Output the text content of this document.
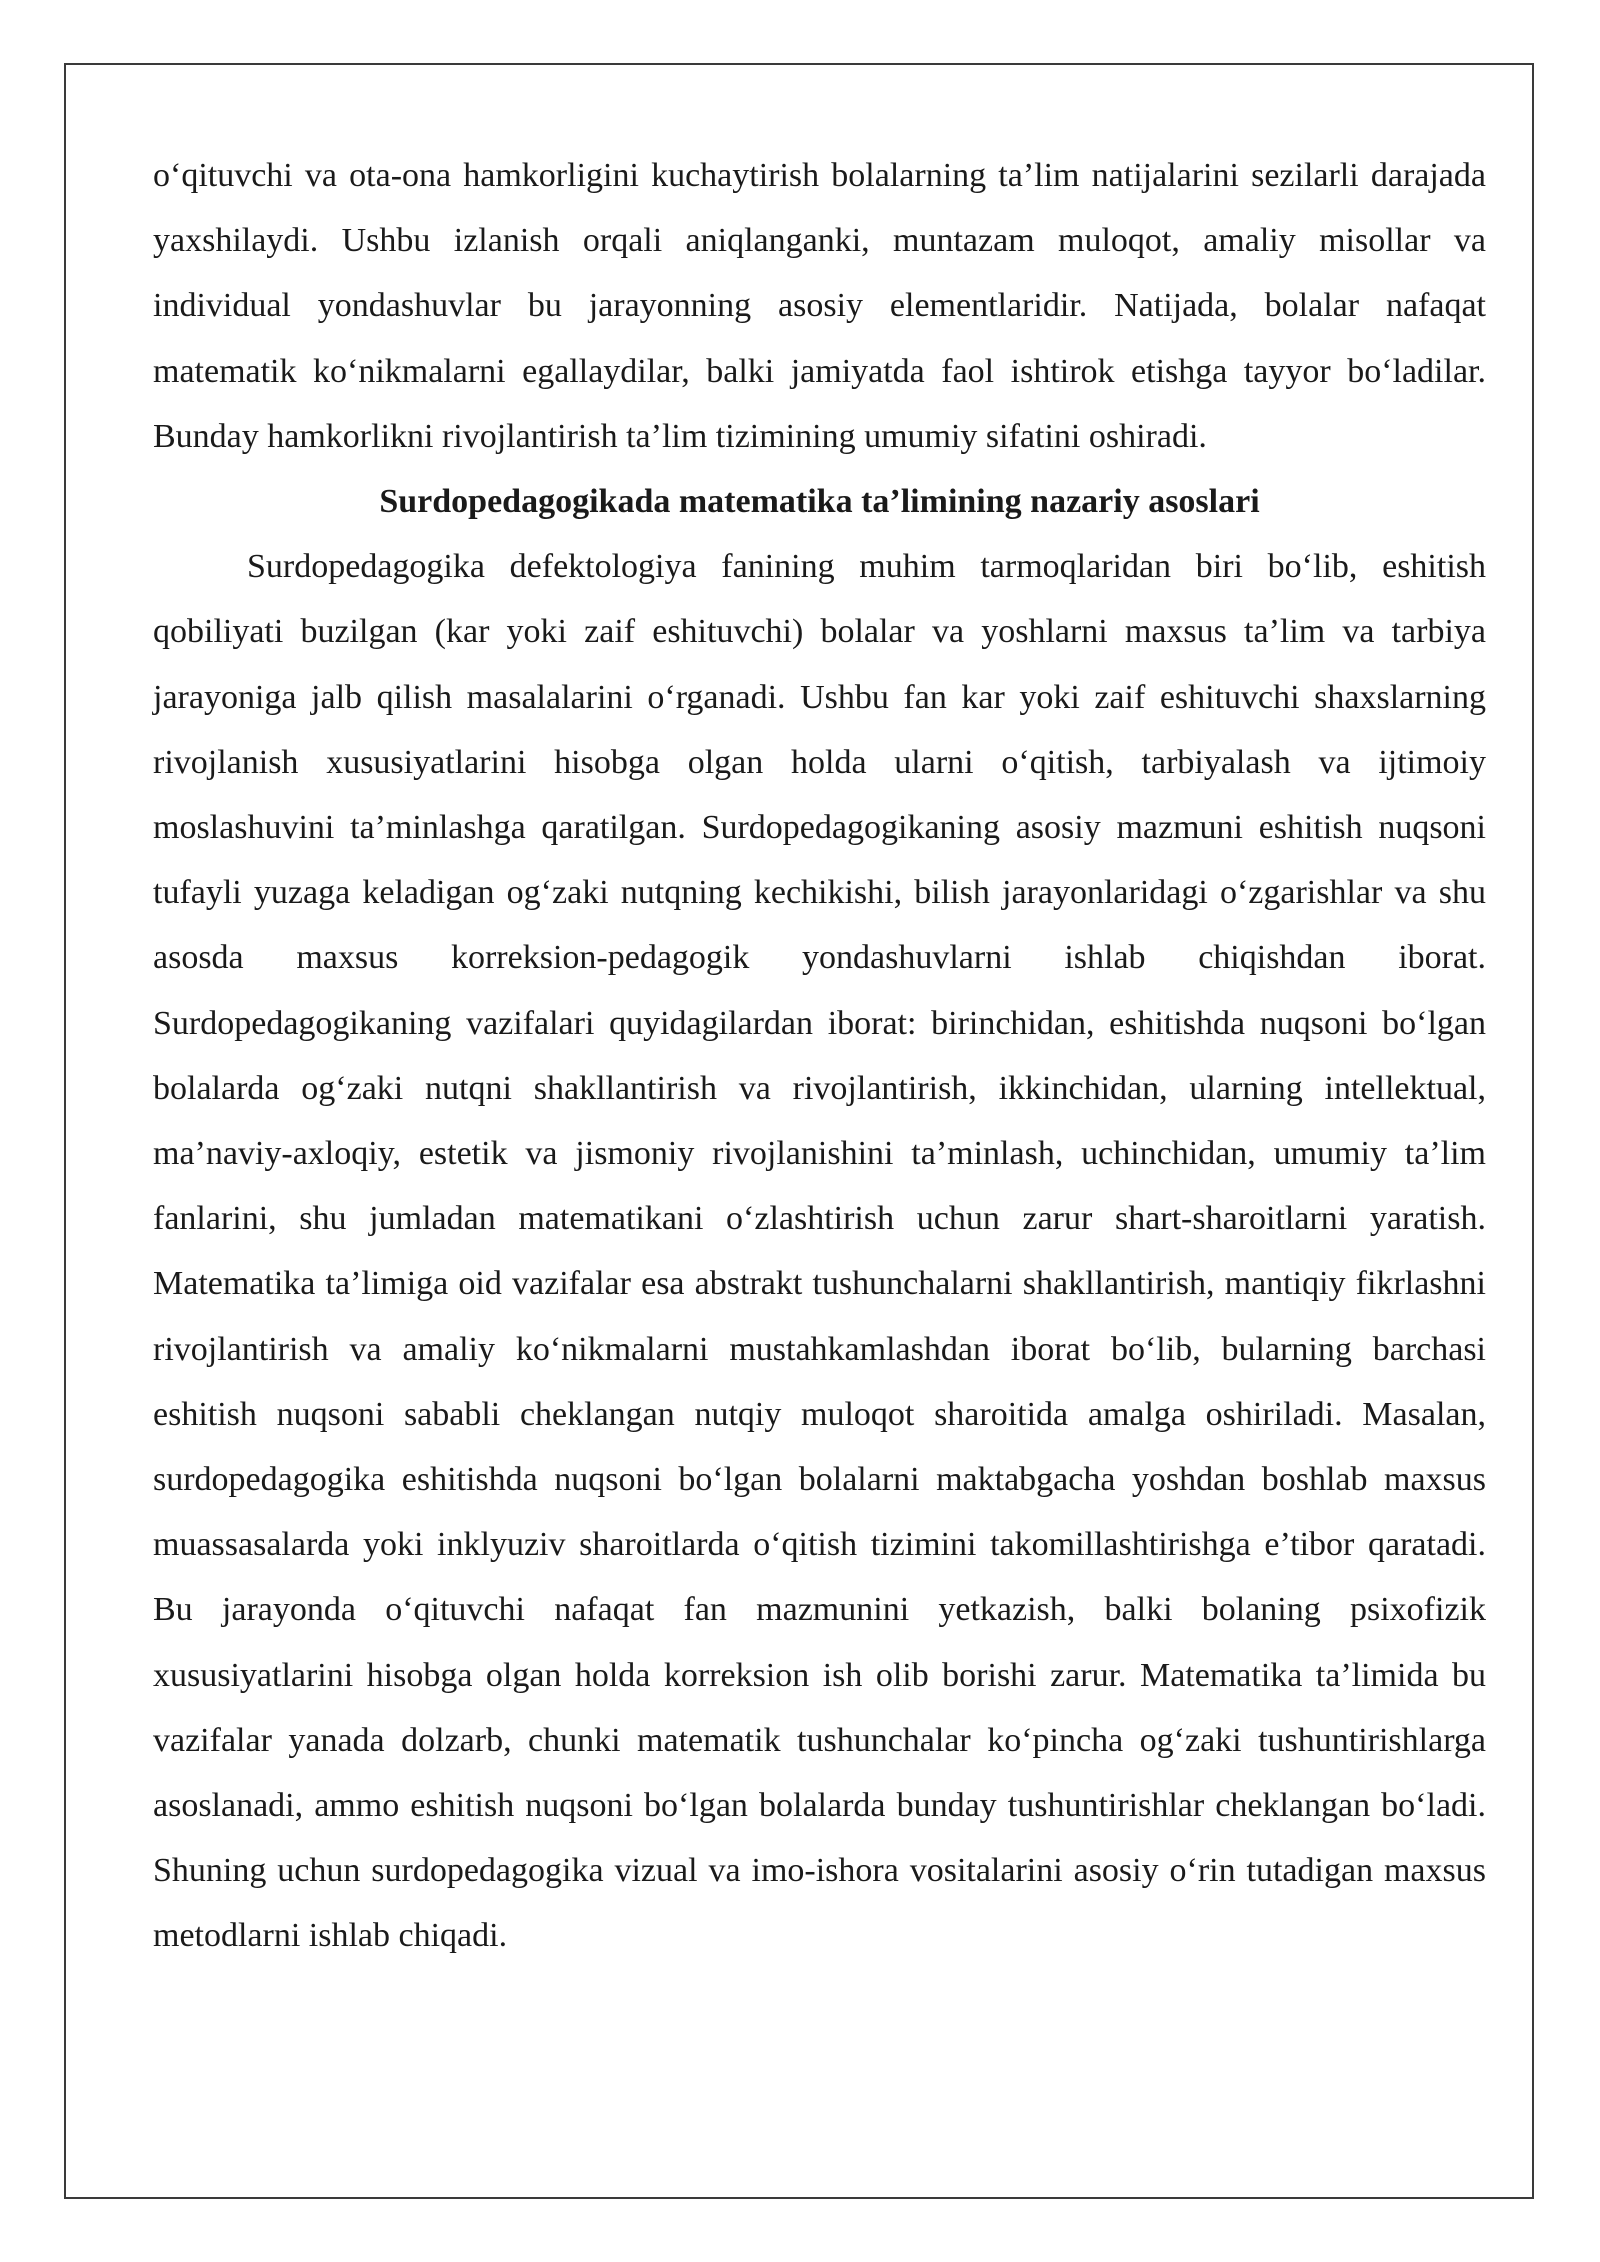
o‘qituvchi va ota-ona hamkorligini kuchaytirish bolalarning ta’lim natijalarini sezilarli darajada yaxshilaydi. Ushbu izlanish orqali aniqlanganki, muntazam muloqot, amaliy misollar va individual yondashuvlar bu jarayonning asosiy elementlaridir. Natijada, bolalar nafaqat matematik ko‘nikmalarni egallaydilar, balki jamiyatda faol ishtirok etishga tayyor bo‘ladilar. Bunday hamkorlikni rivojlantirish ta’lim tizimining umumiy sifatini oshiradi.

Surdopedagogikada matematika ta’limining nazariy asoslari

Surdopedagogika defektologiya fanining muhim tarmoqlaridan biri bo‘lib, eshitish qobiliyati buzilgan (kar yoki zaif eshituvchi) bolalar va yoshlarni maxsus ta’lim va tarbiya jarayoniga jalb qilish masalalarini o‘rganadi. Ushbu fan kar yoki zaif eshituvchi shaxslarning rivojlanish xususiyatlarini hisobga olgan holda ularni o‘qitish, tarbiyalash va ijtimoiy moslashuvini ta’minlashga qaratilgan. Surdopedagogikaning asosiy mazmuni eshitish nuqsoni tufayli yuzaga keladigan og‘zaki nutqning kechikishi, bilish jarayonlaridagi o‘zgarishlar va shu asosda maxsus korreksion-pedagogik yondashuvlarni ishlab chiqishdan iborat. Surdopedagogikaning vazifalari quyidagilardan iborat: birinchidan, eshitishda nuqsoni bo‘lgan bolalarda og‘zaki nutqni shakllantirish va rivojlantirish, ikkinchidan, ularning intellektual, ma’naviy-axloqiy, estetik va jismoniy rivojlanishini ta’minlash, uchinchidan, umumiy ta’lim fanlarini, shu jumladan matematikani o‘zlashtirish uchun zarur shart-sharoitlarni yaratish. Matematika ta’limiga oid vazifalar esa abstrakt tushunchalarni shakllantirish, mantiqiy fikrlashni rivojlantirish va amaliy ko‘nikmalarni mustahkamlashdan iborat bo‘lib, bularning barchasi eshitish nuqsoni sababli cheklangan nutqiy muloqot sharoitida amalga oshiriladi. Masalan, surdopedagogika eshitishda nuqsoni bo‘lgan bolalarni maktabgacha yoshdan boshlab maxsus muassasalarda yoki inklyuziv sharoitlarda o‘qitish tizimini takomillashtirishga e’tibor qaratadi. Bu jarayonda o‘qituvchi nafaqat fan mazmunini yetkazish, balki bolaning psixofizik xususiyatlarini hisobga olgan holda korreksion ish olib borishi zarur. Matematika ta’limida bu vazifalar yanada dolzarb, chunki matematik tushunchalar ko‘pincha og‘zaki tushuntirishlarga asoslanadi, ammo eshitish nuqsoni bo‘lgan bolalarda bunday tushuntirishlar cheklangan bo‘ladi. Shuning uchun surdopedagogika vizual va imo-ishora vositalarini asosiy o‘rin tutadigan maxsus metodlarni ishlab chiqadi.
